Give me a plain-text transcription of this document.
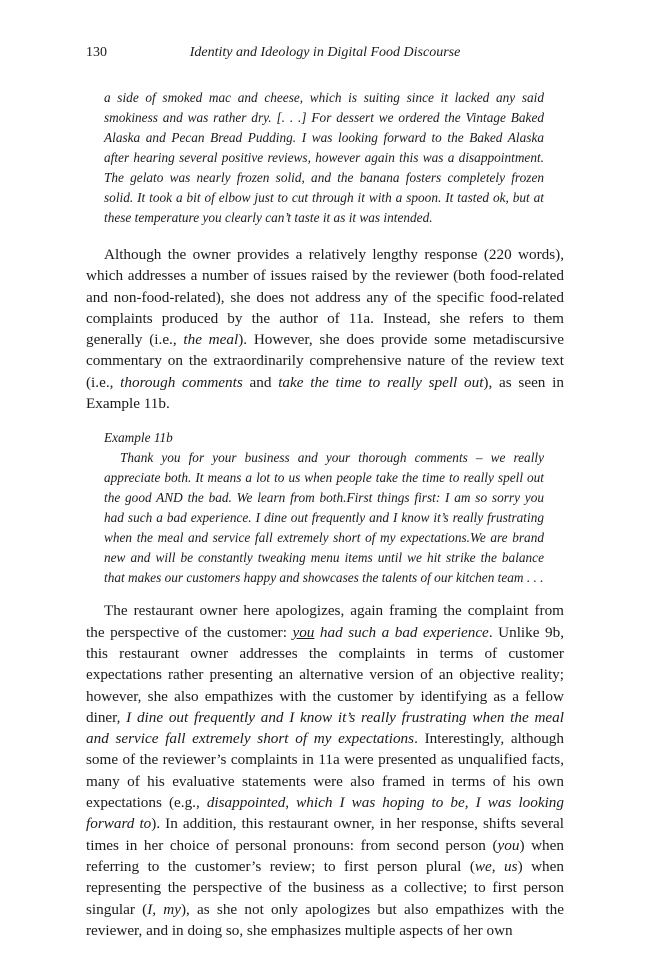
130	Identity and Ideology in Digital Food Discourse

a side of smoked mac and cheese, which is suiting since it lacked any said smokiness and was rather dry. [. . .] For dessert we ordered the Vintage Baked Alaska and Pecan Bread Pudding. I was looking forward to the Baked Alaska after hearing several positive reviews, however again this was a disappointment. The gelato was nearly frozen solid, and the banana fosters completely frozen solid. It took a bit of elbow just to cut through it with a spoon. It tasted ok, but at these temperature you clearly can’t taste it as it was intended.

Although the owner provides a relatively lengthy response (220 words), which addresses a number of issues raised by the reviewer (both food-related and non-food-related), she does not address any of the specific food-related complaints produced by the author of 11a. Instead, she refers to them generally (i.e., the meal). However, she does provide some metadiscursive commentary on the extraordinarily comprehensive nature of the review text (i.e., thorough comments and take the time to really spell out), as seen in Example 11b.

Example 11b

Thank you for your business and your thorough comments – we really appreciate both. It means a lot to us when people take the time to really spell out the good AND the bad. We learn from both.First things first: I am so sorry you had such a bad experience. I dine out frequently and I know it’s really frustrating when the meal and service fall extremely short of my expectations.We are brand new and will be constantly tweaking menu items until we hit strike the balance that makes our customers happy and showcases the talents of our kitchen team . . .

The restaurant owner here apologizes, again framing the complaint from the perspective of the customer: you had such a bad experience. Unlike 9b, this restaurant owner addresses the complaints in terms of customer expectations rather presenting an alternative version of an objective reality; however, she also empathizes with the customer by identifying as a fellow diner, I dine out frequently and I know it’s really frustrating when the meal and service fall extremely short of my expectations. Interestingly, although some of the reviewer’s complaints in 11a were presented as unqualified facts, many of his evaluative statements were also framed in terms of his own expectations (e.g., disappointed, which I was hoping to be, I was looking forward to). In addition, this restaurant owner, in her response, shifts several times in her choice of personal pronouns: from second person (you) when referring to the customer’s review; to first person plural (we, us) when representing the perspective of the business as a collective; to first person singular (I, my), as she not only apologizes but also empathizes with the reviewer, and in doing so, she emphasizes multiple aspects of her own
